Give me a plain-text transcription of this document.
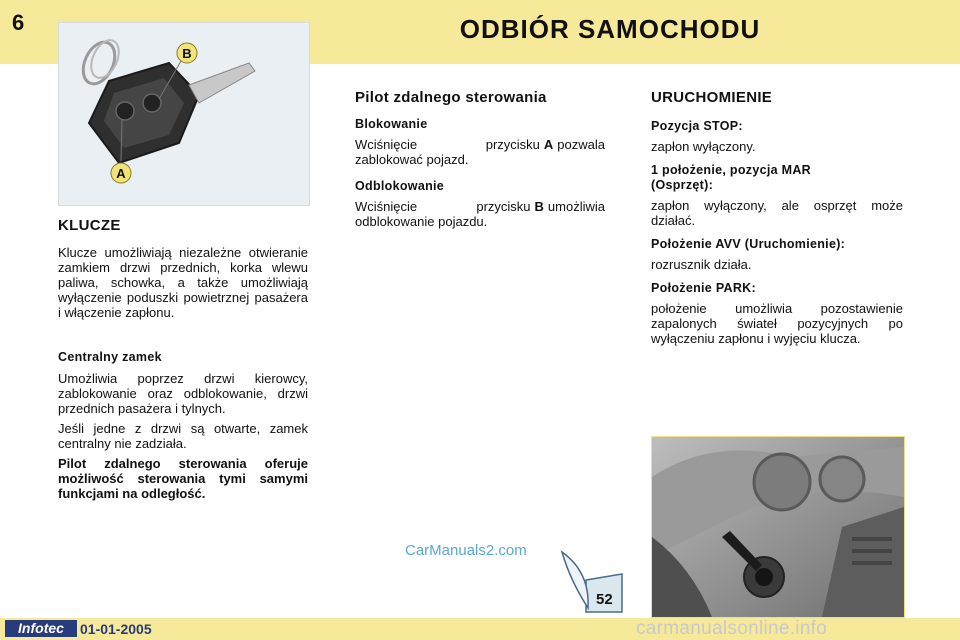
6	ODBIÓR SAMOCHODU
B
A
KLUCZE

Klucze umożliwiają niezależne otwieranie zamkiem drzwi przednich, korka wlewu paliwa, schowka, a także umożliwiają wyłączenie poduszki powietrznej pasażera i włączenie zapłonu.

Centralny zamek

Umożliwia poprzez drzwi kierowcy, zablokowanie oraz odblokowanie, drzwi przednich pasażera i tylnych.

Jeśli jedne z drzwi są otwarte, zamek centralny nie zadziała.

Pilot zdalnego sterowania oferuje możliwość sterowania tymi samymi funkcjami na odległość.

Pilot zdalnego sterowania
Blokowanie

Wciśnięcie przycisku A pozwala zablokować pojazd.

Odblokowanie

Wciśnięcie przycisku B umożliwia odblokowanie pojazdu.

URUCHOMIENIE
Pozycja STOP:

zapłon wyłączony.

1 położenie, pozycja MAR (Osprzęt):

zapłon wyłączony, ale osprzęt może działać.

Położenie AVV (Uruchomienie):

rozrusznik działa.

Położenie PARK:

położenie umożliwia pozostawienie zapalonych świateł pozycyjnych po wyłączeniu zapłonu i wyjęciu klucza.

CarManuals2.com
52
Infotec	01-01-2005	carmanualsonline.info
